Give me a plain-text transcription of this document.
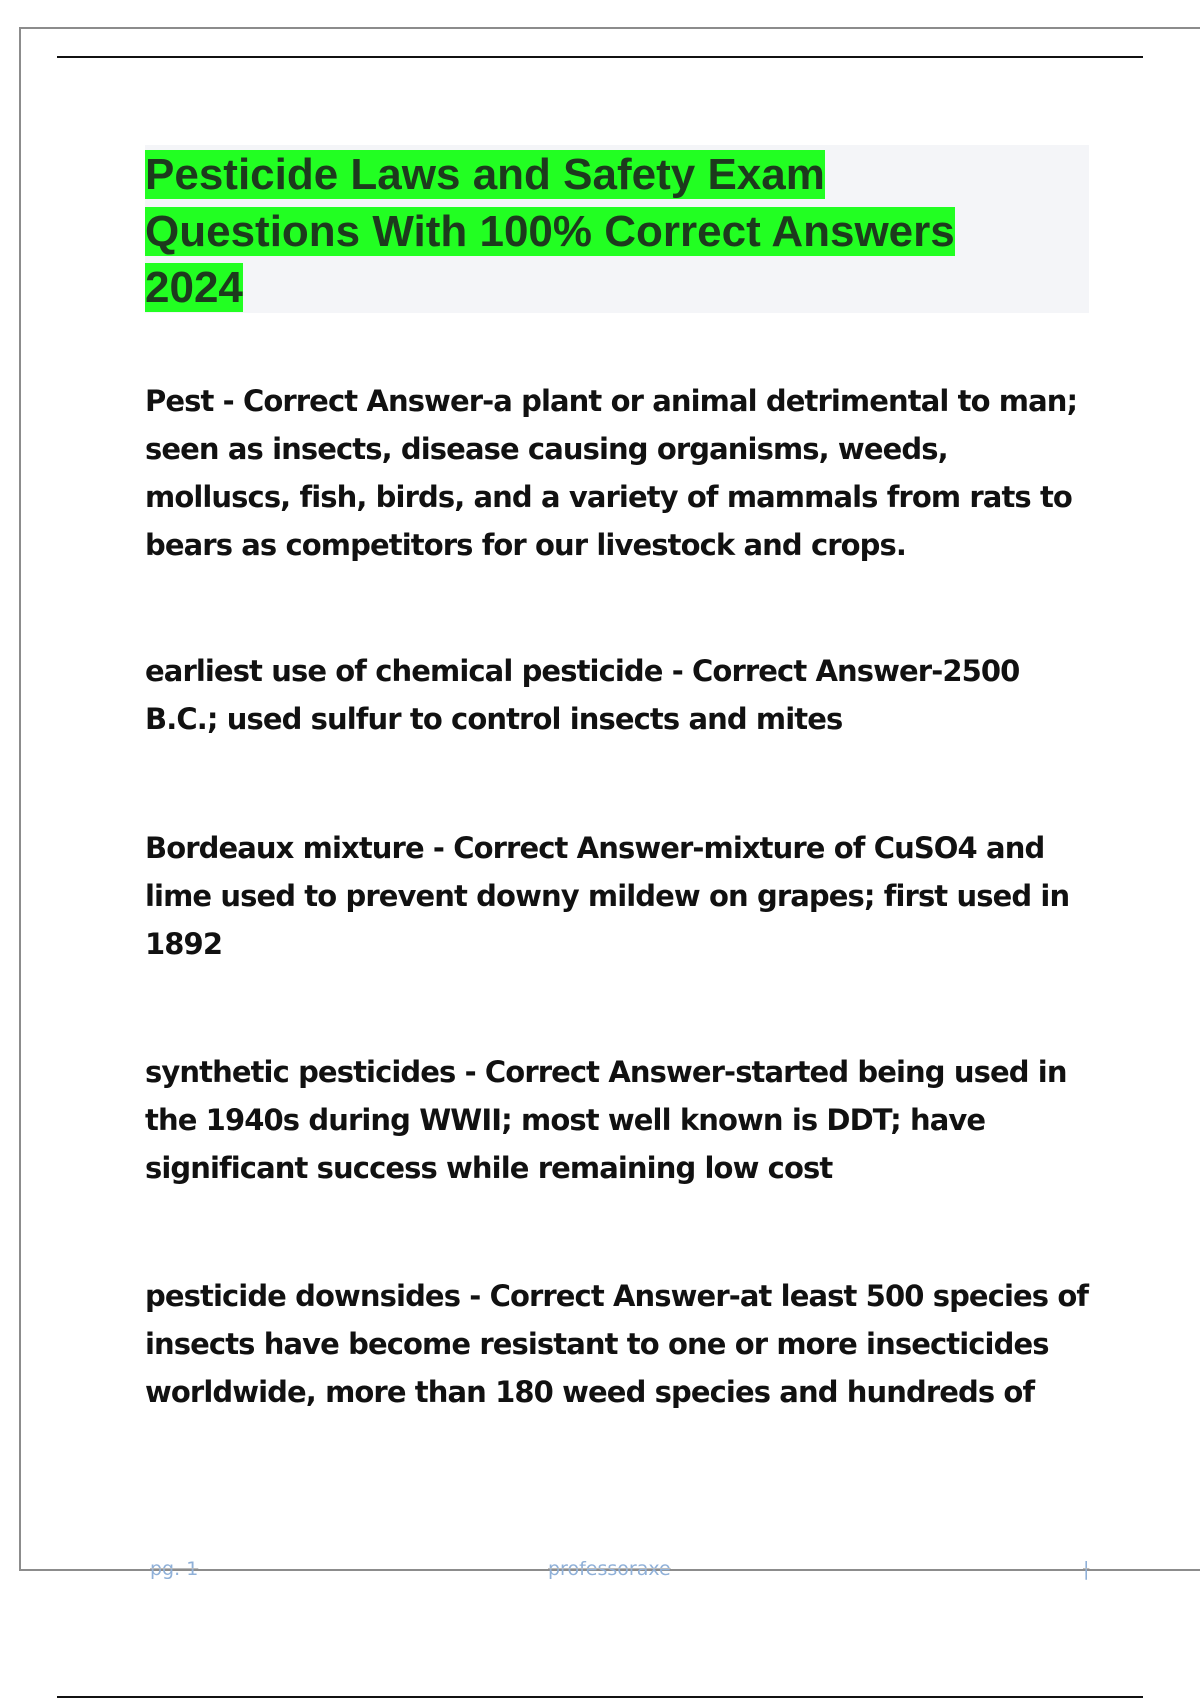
Pesticide Laws and Safety Exam Questions With 100% Correct Answers 2024

Pest - Correct Answer-a plant or animal detrimental to man; seen as insects, disease causing organisms, weeds, molluscs, fish, birds, and a variety of mammals from rats to bears as competitors for our livestock and crops.

earliest use of chemical pesticide - Correct Answer-2500 B.C.; used sulfur to control insects and mites

Bordeaux mixture - Correct Answer-mixture of CuSO4 and lime used to prevent downy mildew on grapes; first used in 1892

synthetic pesticides - Correct Answer-started being used in the 1940s during WWII; most well known is DDT; have significant success while remaining low cost

pesticide downsides - Correct Answer-at least 500 species of insects have become resistant to one or more insecticides worldwide, more than 180 weed species and hundreds of

pg. 1	professoraxe	|
